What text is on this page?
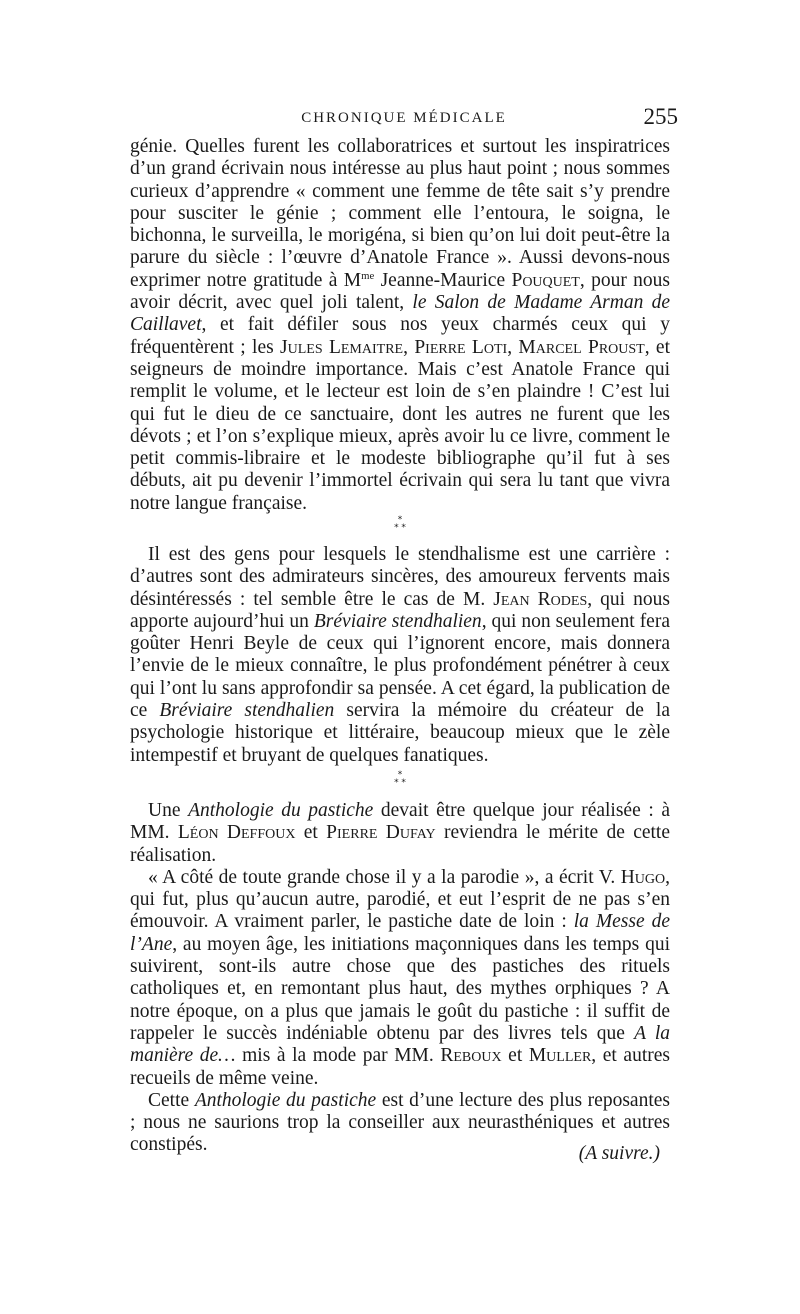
CHRONIQUE MÉDICALE	255

génie. Quelles furent les collaboratrices et surtout les inspiratrices d’un grand écrivain nous intéresse au plus haut point ; nous sommes curieux d’apprendre « comment une femme de tête sait s’y prendre pour susciter le génie ; comment elle l’entoura, le soigna, le bichonna, le surveilla, le morigéna, si bien qu’on lui doit peut-être la parure du siècle : l’œuvre d’Anatole France ». Aussi devons-nous exprimer notre gratitude à $M^{me}$ Jeanne-Maurice Pouquet, pour nous avoir décrit, avec quel joli talent, le Salon de Madame Arman de Caillavet, et fait défiler sous nos yeux charmés ceux qui y fréquentèrent ; les Jules Lemaitre, Pierre Loti, Marcel Proust, et seigneurs de moindre importance. Mais c’est Anatole France qui remplit le volume, et le lecteur est loin de s’en plaindre ! C’est lui qui fut le dieu de ce sanctuaire, dont les autres ne furent que les dévots ; et l’on s’explique mieux, après avoir lu ce livre, comment le petit commis-libraire et le modeste bibliographe qu’il fut à ses débuts, ait pu devenir l’immortel écrivain qui sera lu tant que vivra notre langue française.

*
* *

Il est des gens pour lesquels le stendhalisme est une carrière : d’autres sont des admirateurs sincères, des amoureux fervents mais désintéressés : tel semble être le cas de M. Jean Rodes, qui nous apporte aujourd’hui un Bréviaire stendhalien, qui non seulement fera goûter Henri Beyle de ceux qui l’ignorent encore, mais donnera l’envie de le mieux connaître, le plus profondément pénétrer à ceux qui l’ont lu sans approfondir sa pensée. A cet égard, la publication de ce Bréviaire stendhalien servira la mémoire du créateur de la psychologie historique et littéraire, beaucoup mieux que le zèle intempestif et bruyant de quelques fanatiques.

*
* *

Une Anthologie du pastiche devait être quelque jour réalisée : à MM. Léon Deffoux et Pierre Dufay reviendra le mérite de cette réalisation.

« A côté de toute grande chose il y a la parodie », a écrit V. Hugo, qui fut, plus qu’aucun autre, parodié, et eut l’esprit de ne pas s’en émouvoir. A vraiment parler, le pastiche date de loin : la Messe de l’Ane, au moyen âge, les initiations maçonniques dans les temps qui suivirent, sont-ils autre chose que des pastiches des rituels catholiques et, en remontant plus haut, des mythes orphiques ? A notre époque, on a plus que jamais le goût du pastiche : il suffit de rappeler le succès indéniable obtenu par des livres tels que A la manière de… mis à la mode par MM. Reboux et Muller, et autres recueils de même veine.

Cette Anthologie du pastiche est d’une lecture des plus reposantes ; nous ne saurions trop la conseiller aux neurasthéniques et autres constipés.	(A suivre.)
